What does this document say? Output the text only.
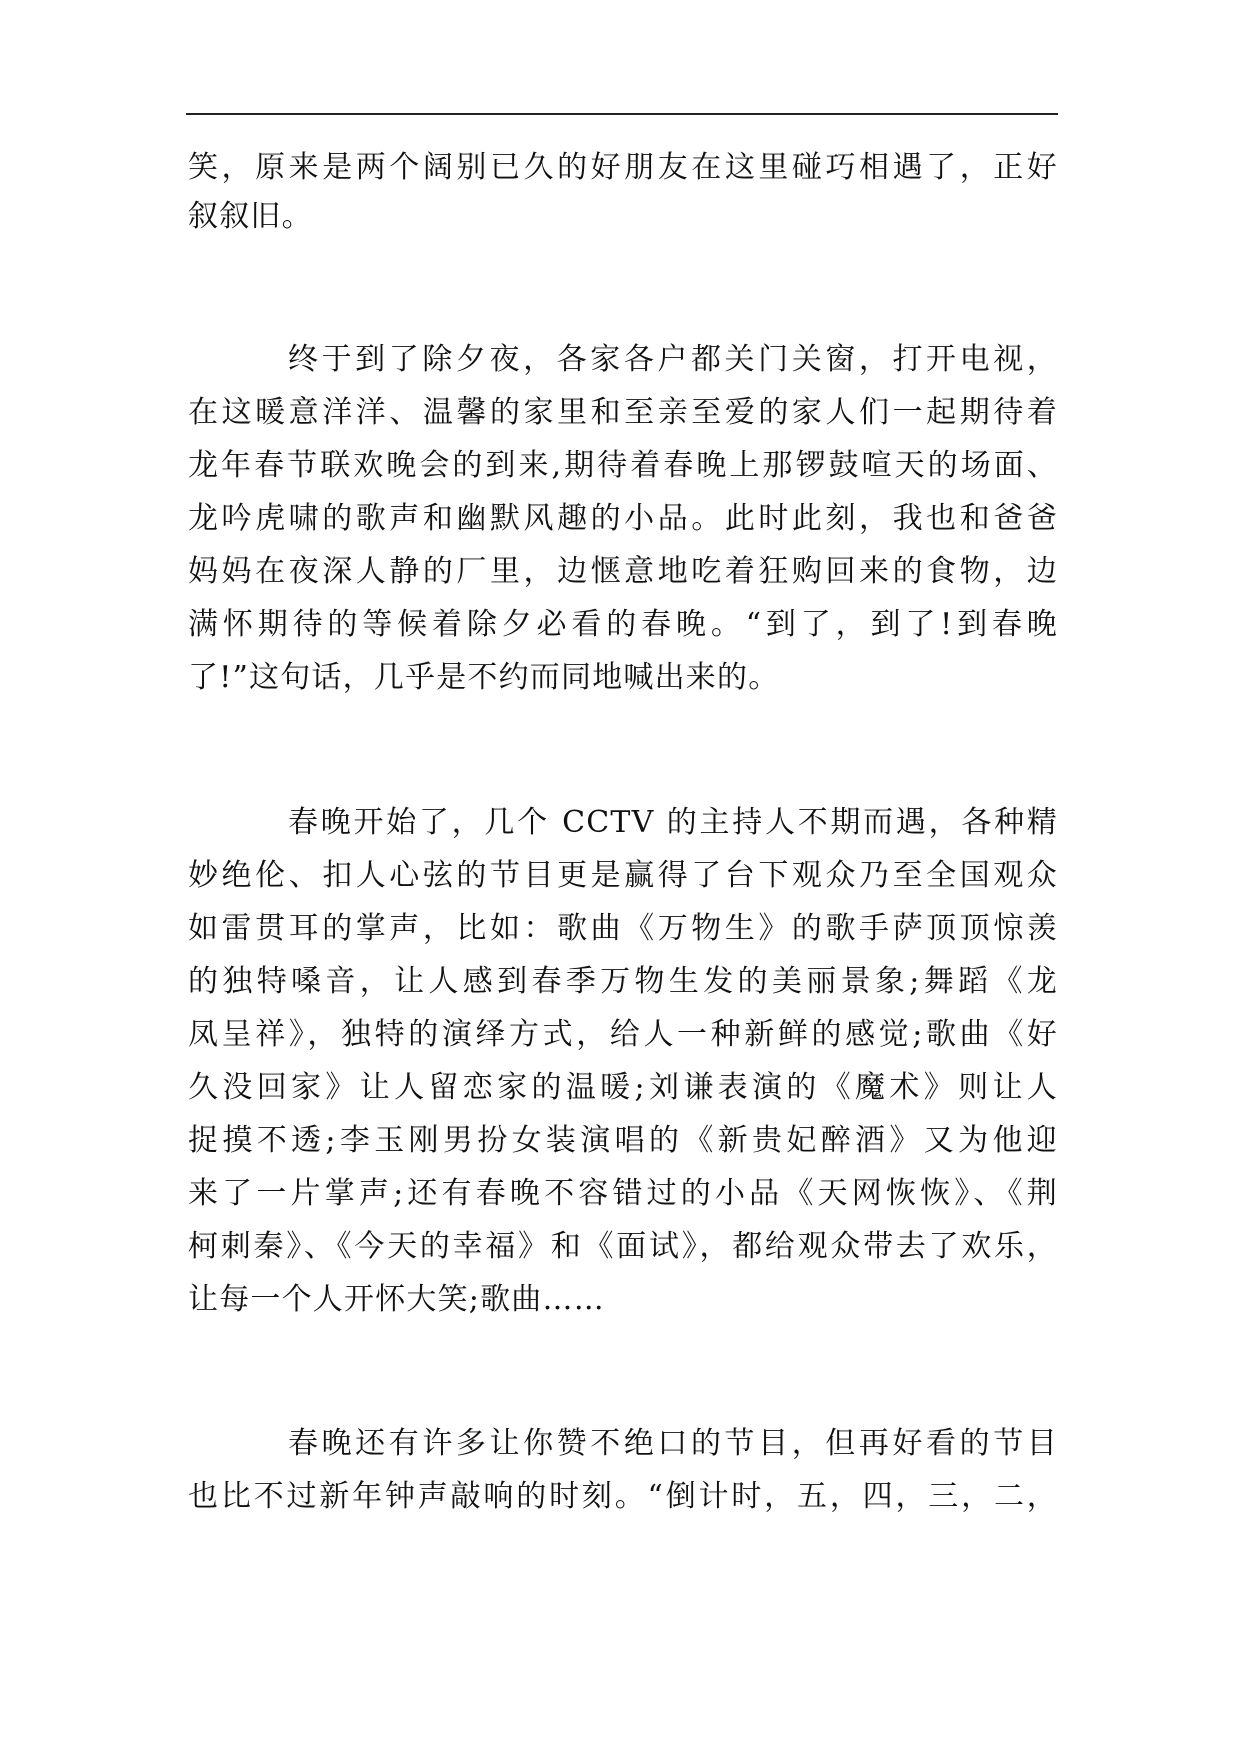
笑，原来是两个阔别已久的好朋友在这里碰巧相遇了，正好
叙叙旧。
终于到了除夕夜，各家各户都关门关窗，打开电视，
在这暖意洋洋、温馨的家里和至亲至爱的家人们一起期待着
龙年春节联欢晚会的到来,期待着春晚上那锣鼓喧天的场面、
龙吟虎啸的歌声和幽默风趣的小品。此时此刻，我也和爸爸
妈妈在夜深人静的厂里，边惬意地吃着狂购回来的食物，边
满怀期待的等候着除夕必看的春晚。“到了，到了!到春晚
了!”这句话，几乎是不约而同地喊出来的。
春晚开始了，几个 CCTV 的主持人不期而遇，各种精
妙绝伦、扣人心弦的节目更是赢得了台下观众乃至全国观众
如雷贯耳的掌声，比如：歌曲《万物生》的歌手萨顶顶惊羡
的独特嗓音，让人感到春季万物生发的美丽景象;舞蹈《龙
凤呈祥》，独特的演绎方式，给人一种新鲜的感觉;歌曲《好
久没回家》让人留恋家的温暖;刘谦表演的《魔术》则让人
捉摸不透;李玉刚男扮女装演唱的《新贵妃醉酒》又为他迎
来了一片掌声;还有春晚不容错过的小品《天网恢恢》、《荆
柯刺秦》、《今天的幸福》和《面试》，都给观众带去了欢乐，
让每一个人开怀大笑;歌曲……
春晚还有许多让你赞不绝口的节目，但再好看的节目
也比不过新年钟声敲响的时刻。“倒计时，五，四，三，二，
